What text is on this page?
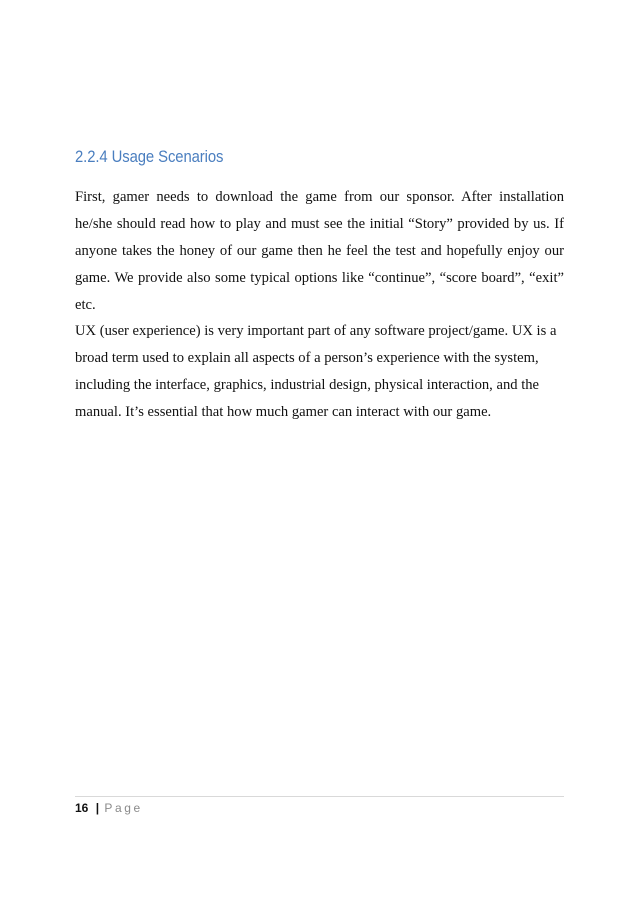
2.2.4 Usage Scenarios

First, gamer needs to download the game from our sponsor. After installation
he/she should read how to play and must see the initial “Story” provided by us. If
anyone takes the honey of our game then he feel the test and hopefully enjoy our
game. We provide also some typical options like “continue”, “score board”, “exit”
etc.

UX (user experience) is very important part of any software project/game. UX is a
broad term used to explain all aspects of a person’s experience with the system,
including the interface, graphics, industrial design, physical interaction, and the
manual. It’s essential that how much gamer can interact with our game.

16 | Page
